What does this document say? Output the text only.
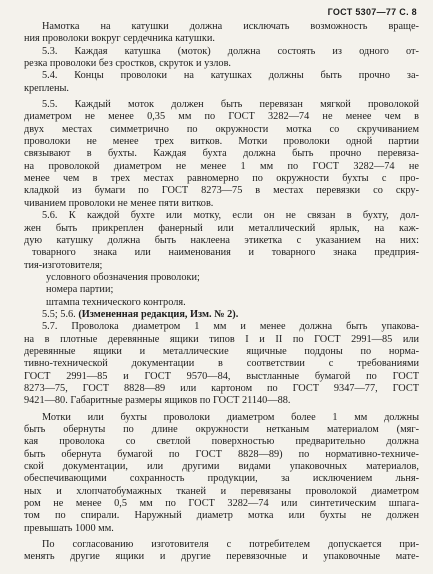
ГОСТ 5307—77 С. 8
Намотка на катушки должна исключать возможность враще-
ния проволоки вокруг сердечника катушки.
5.3. Каждая катушка (моток) должна состоять из одного от-
резка проволоки без сростков, скруток и узлов.
5.4. Концы проволоки на катушках должны быть прочно за-
креплены.
5.5. Каждый моток должен быть перевязан мягкой проволокой
диаметром не менее 0,35 мм по ГОСТ 3282—74 не менее чем в
двух местах симметрично по окружности мотка со скручиванием
проволоки не менее трех витков. Мотки проволоки одной партии
связывают в бухты. Каждая бухта должна быть прочно перевяза-
на проволокой диаметром не менее 1 мм по ГОСТ 3282—74 не
менее чем в трех местах равномерно по окружности бухты с про-
кладкой из бумаги по ГОСТ 8273—75 в местах перевязки со скру-
чиванием проволоки не менее пяти витков.
5.6. К каждой бухте или мотку, если он не связан в бухту, дол-
жен быть прикреплен фанерный или металлический ярлык, на каж-
дую катушку должна быть наклеена этикетка с указанием на них:
товарного знака или наименования и товарного знака предприя-
тия-изготовителя;
условного обозначения проволоки;
номера партии;
штампа технического контроля.
5.5; 5.6. (Измененная редакция, Изм. № 2).
5.7. Проволока диаметром 1 мм и менее должна быть упакова-
на в плотные деревянные ящики типов I и II по ГОСТ 2991—85 или
деревянные ящики и металлические ящичные поддоны по норма-
тивно-технической документации в соответствии с требованиями
ГОСТ 2991—85 и ГОСТ 9570—84, выстланные бумагой по ГОСТ
8273—75, ГОСТ 8828—89 или картоном по ГОСТ 9347—77, ГОСТ
9421—80. Габаритные размеры ящиков по ГОСТ 21140—88.
Мотки или бухты проволоки диаметром более 1 мм должны
быть обернуты по длине окружности нетканым материалом (мяг-
кая проволока со светлой поверхностью предварительно должна
быть обернута бумагой по ГОСТ 8828—89) по нормативно-техниче-
ской документации, или другими видами упаковочных материалов,
обеспечивающими сохранность продукции, за исключением льня-
ных и хлопчатобумажных тканей и перевязаны проволокой диаметром
ром не менее 0,5 мм по ГОСТ 3282—74 или синтетическим шпага-
том по спирали. Наружный диаметр мотка или бухты не должен
превышать 1000 мм.
По согласованию изготовителя с потребителем допускается при-
менять другие ящики и другие перевязочные и упаковочные мате-
